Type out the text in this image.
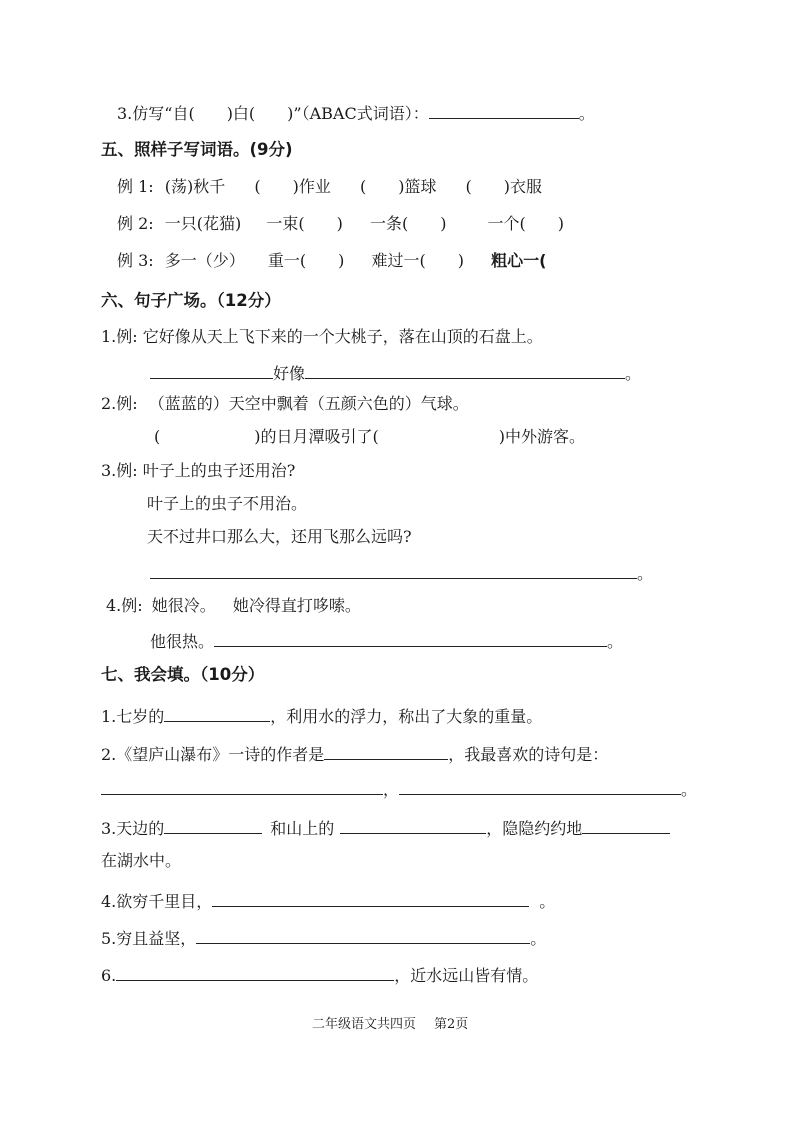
3.仿写“自(　　)白(　　)”（ABAC式词语）：	。
五、照样子写词语。(9分)
例 1: (荡)秋千 (　　)作业 (　　)篮球 (　　)衣服
例 2: 一只(花猫) 一束(　　) 一条(　　)	一个(　　)
例 3: 多一（少） 重一(　　) 难过一(　　) 粗心一(
六、句子广场。（12分）
1.例: 它好像从天上飞下来的一个大桃子，落在山顶的石盘上。
好像	。
2.例: （蓝蓝的）天空中飘着（五颜六色的）气球。
(	)的日月潭吸引了(	)中外游客。
3.例: 叶子上的虫子还用治?
叶子上的虫子不用治。
天不过井口那么大，还用飞那么远吗?
。
4.例: 她很冷。 她冷得直打哆嗦。
他很热。	。
七、我会填。（10分）
1.七岁的	，利用水的浮力，称出了大象的重量。
2.《望庐山瀑布》一诗的作者是	，我最喜欢的诗句是：
，	。
3.天边的	和山上的	，隐隐约约地
在湖水中。
4.欲穷千里目，	。
5.穷且益坚，	。
6.	，近水远山皆有情。
二年级语文共四页 第2页
